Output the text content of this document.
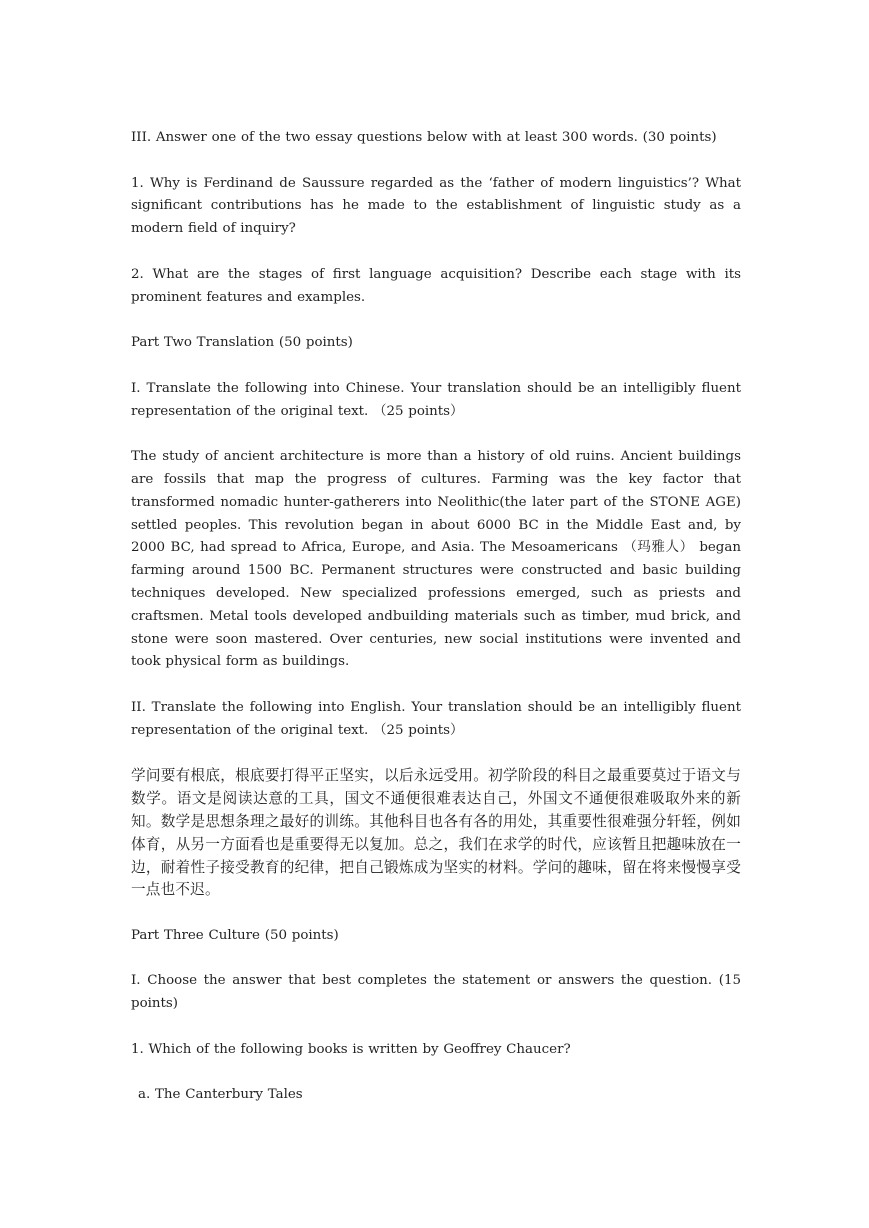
III. Answer one of the two essay questions below with at least 300 words. (30 points)

1. Why is Ferdinand de Saussure regarded as the ‘father of modern linguistics’? What significant contributions has he made to the establishment of linguistic study as a modern field of inquiry?

2. What are the stages of first language acquisition? Describe each stage with its prominent features and examples.

Part Two Translation (50 points)

I. Translate the following into Chinese. Your translation should be an intelligibly fluent representation of the original text. （25 points）

The study of ancient architecture is more than a history of old ruins. Ancient buildings are fossils that map the progress of cultures. Farming was the key factor that transformed nomadic hunter-gatherers into Neolithic(the later part of the STONE AGE) settled peoples. This revolution began in about 6000 BC in the Middle East and, by 2000 BC, had spread to Africa, Europe, and Asia. The Mesoamericans （玛雅人） began farming around 1500 BC. Permanent structures were constructed and basic building techniques developed. New specialized professions emerged, such as priests and craftsmen. Metal tools developed andbuilding materials such as timber, mud brick, and stone were soon mastered. Over centuries, new social institutions were invented and took physical form as buildings.

II. Translate the following into English. Your translation should be an intelligibly fluent representation of the original text. （25 points）

学问要有根底，根底要打得平正坚实，以后永远受用。初学阶段的科目之最重要莫过于语文与数学。语文是阅读达意的工具，国文不通便很难表达自己，外国文不通便很难吸取外来的新知。数学是思想条理之最好的训练。其他科目也各有各的用处，其重要性很难强分轩轾，例如体育，从另一方面看也是重要得无以复加。总之，我们在求学的时代，应该暂且把趣味放在一边，耐着性子接受教育的纪律，把自己锻炼成为坚实的材料。学问的趣味，留在将来慢慢享受一点也不迟。

Part Three Culture (50 points)

I. Choose the answer that best completes the statement or answers the question. (15 points)

1. Which of the following books is written by Geoffrey Chaucer?

a. The Canterbury Tales
